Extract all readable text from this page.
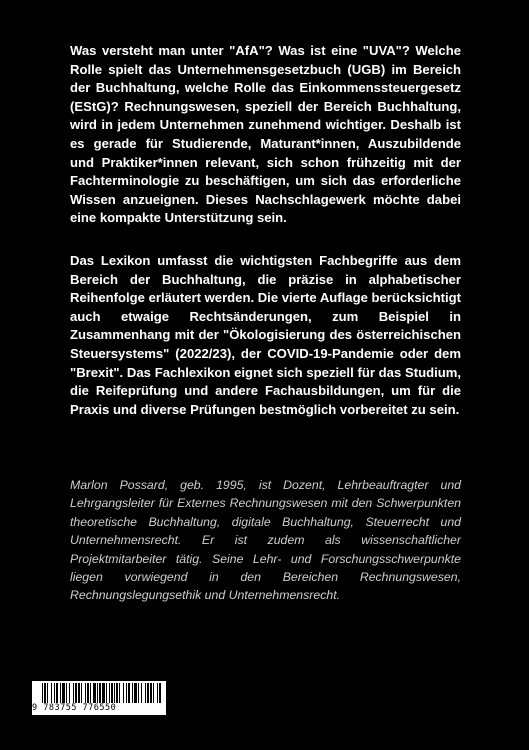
Was versteht man unter "AfA"? Was ist eine "UVA"? Welche Rolle spielt das Unternehmensgesetzbuch (UGB) im Bereich der Buchhaltung, welche Rolle das Einkommenssteuergesetz (EStG)? Rechnungswesen, speziell der Bereich Buchhaltung, wird in jedem Unternehmen zunehmend wichtiger. Deshalb ist es gerade für Studierende, Maturant*innen, Auszubildende und Praktiker*innen relevant, sich schon frühzeitig mit der Fachterminologie zu beschäftigen, um sich das erforderliche Wissen anzueignen. Dieses Nachschlagewerk möchte dabei eine kompakte Unterstützung sein.

Das Lexikon umfasst die wichtigsten Fachbegriffe aus dem Bereich der Buchhaltung, die präzise in alphabetischer Reihenfolge erläutert werden. Die vierte Auflage berücksichtigt auch etwaige Rechtsänderungen, zum Beispiel in Zusammenhang mit der "Ökologisierung des österreichischen Steuersystems" (2022/23), der COVID-19-Pandemie oder dem "Brexit". Das Fachlexikon eignet sich speziell für das Studium, die Reifeprüfung und andere Fachausbildungen, um für die Praxis und diverse Prüfungen bestmöglich vorbereitet zu sein.

Marlon Possard, geb. 1995, ist Dozent, Lehrbeauftragter und Lehrgangsleiter für Externes Rechnungswesen mit den Schwerpunkten theoretische Buchhaltung, digitale Buchhaltung, Steuerrecht und Unternehmensrecht. Er ist zudem als wissenschaftlicher Projektmitarbeiter tätig. Seine Lehr- und Forschungsschwerpunkte liegen vorwiegend in den Bereichen Rechnungswesen, Rechnungslegungsethik und Unternehmensrecht.

9 783755 776550
